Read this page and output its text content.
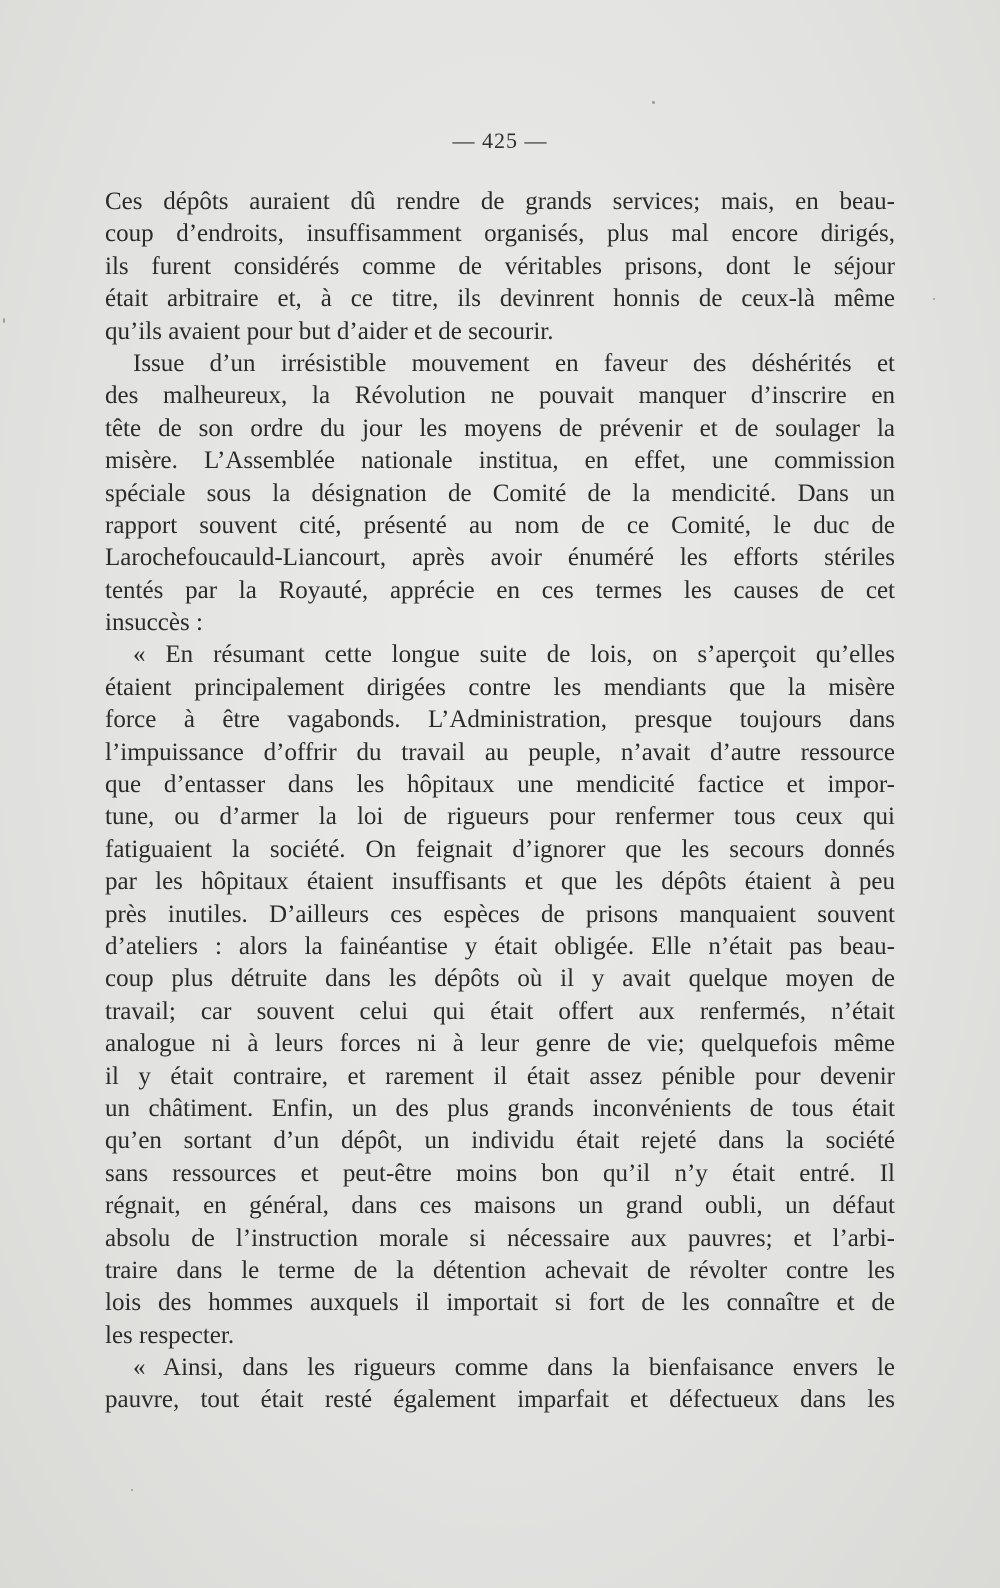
— 425 —
Ces dépôts auraient dû rendre de grands services; mais, en beau-
coup d’endroits, insuffisamment organisés, plus mal encore dirigés,
ils furent considérés comme de véritables prisons, dont le séjour
était arbitraire et, à ce titre, ils devinrent honnis de ceux-là même
qu’ils avaient pour but d’aider et de secourir.
Issue d’un irrésistible mouvement en faveur des déshérités et
des malheureux, la Révolution ne pouvait manquer d’inscrire en
tête de son ordre du jour les moyens de prévenir et de soulager la
misère. L’Assemblée nationale institua, en effet, une commission
spéciale sous la désignation de Comité de la mendicité. Dans un
rapport souvent cité, présenté au nom de ce Comité, le duc de
Larochefoucauld-Liancourt, après avoir énuméré les efforts stériles
tentés par la Royauté, apprécie en ces termes les causes de cet
insuccès :
« En résumant cette longue suite de lois, on s’aperçoit qu’elles
étaient principalement dirigées contre les mendiants que la misère
force à être vagabonds. L’Administration, presque toujours dans
l’impuissance d’offrir du travail au peuple, n’avait d’autre ressource
que d’entasser dans les hôpitaux une mendicité factice et impor-
tune, ou d’armer la loi de rigueurs pour renfermer tous ceux qui
fatiguaient la société. On feignait d’ignorer que les secours donnés
par les hôpitaux étaient insuffisants et que les dépôts étaient à peu
près inutiles. D’ailleurs ces espèces de prisons manquaient souvent
d’ateliers : alors la fainéantise y était obligée. Elle n’était pas beau-
coup plus détruite dans les dépôts où il y avait quelque moyen de
travail; car souvent celui qui était offert aux renfermés, n’était
analogue ni à leurs forces ni à leur genre de vie; quelquefois même
il y était contraire, et rarement il était assez pénible pour devenir
un châtiment. Enfin, un des plus grands inconvénients de tous était
qu’en sortant d’un dépôt, un individu était rejeté dans la société
sans ressources et peut-être moins bon qu’il n’y était entré. Il
régnait, en général, dans ces maisons un grand oubli, un défaut
absolu de l’instruction morale si nécessaire aux pauvres; et l’arbi-
traire dans le terme de la détention achevait de révolter contre les
lois des hommes auxquels il importait si fort de les connaître et de
les respecter.
« Ainsi, dans les rigueurs comme dans la bienfaisance envers le
pauvre, tout était resté également imparfait et défectueux dans les
